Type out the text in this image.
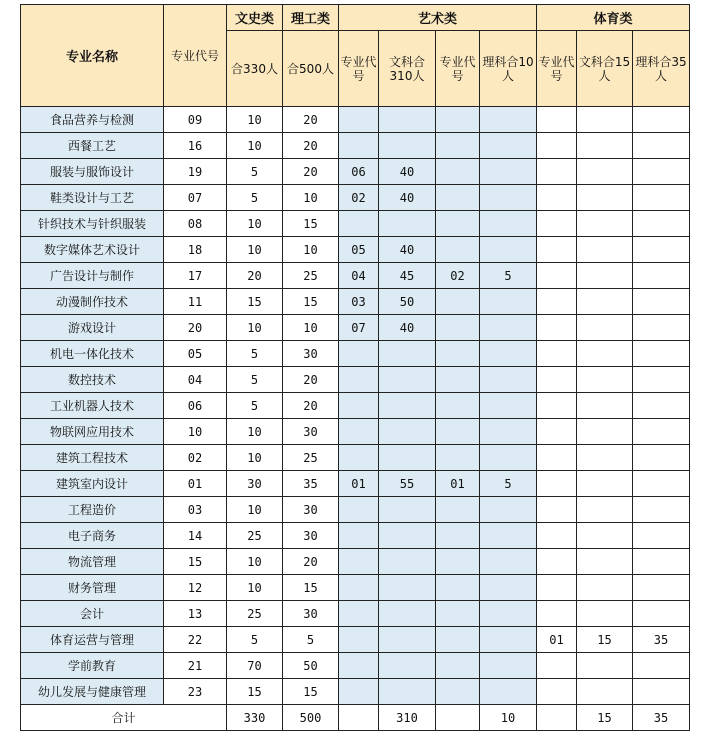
专业名称	专业代号	文史类	理工类	艺术类				体育类		
		合330人	合500人	专业代号	文科合310人	专业代号	理科合10人	专业代号	文科合15人	理科合35人
食品营养与检测	09	10	20							
西餐工艺	16	10	20							
服装与服饰设计	19	5	20	06	40					
鞋类设计与工艺	07	5	10	02	40					
针织技术与针织服装	08	10	15							
数字媒体艺术设计	18	10	10	05	40					
广告设计与制作	17	20	25	04	45	02	5			
动漫制作技术	11	15	15	03	50					
游戏设计	20	10	10	07	40					
机电一体化技术	05	5	30							
数控技术	04	5	20							
工业机器人技术	06	5	20							
物联网应用技术	10	10	30							
建筑工程技术	02	10	25							
建筑室内设计	01	30	35	01	55	01	5			
工程造价	03	10	30							
电子商务	14	25	30							
物流管理	15	10	20							
财务管理	12	10	15							
会计	13	25	30							
体育运营与管理	22	5	5					01	15	35
学前教育	21	70	50							
幼儿发展与健康管理	23	15	15							
合计		330	500		310		10		15	35
